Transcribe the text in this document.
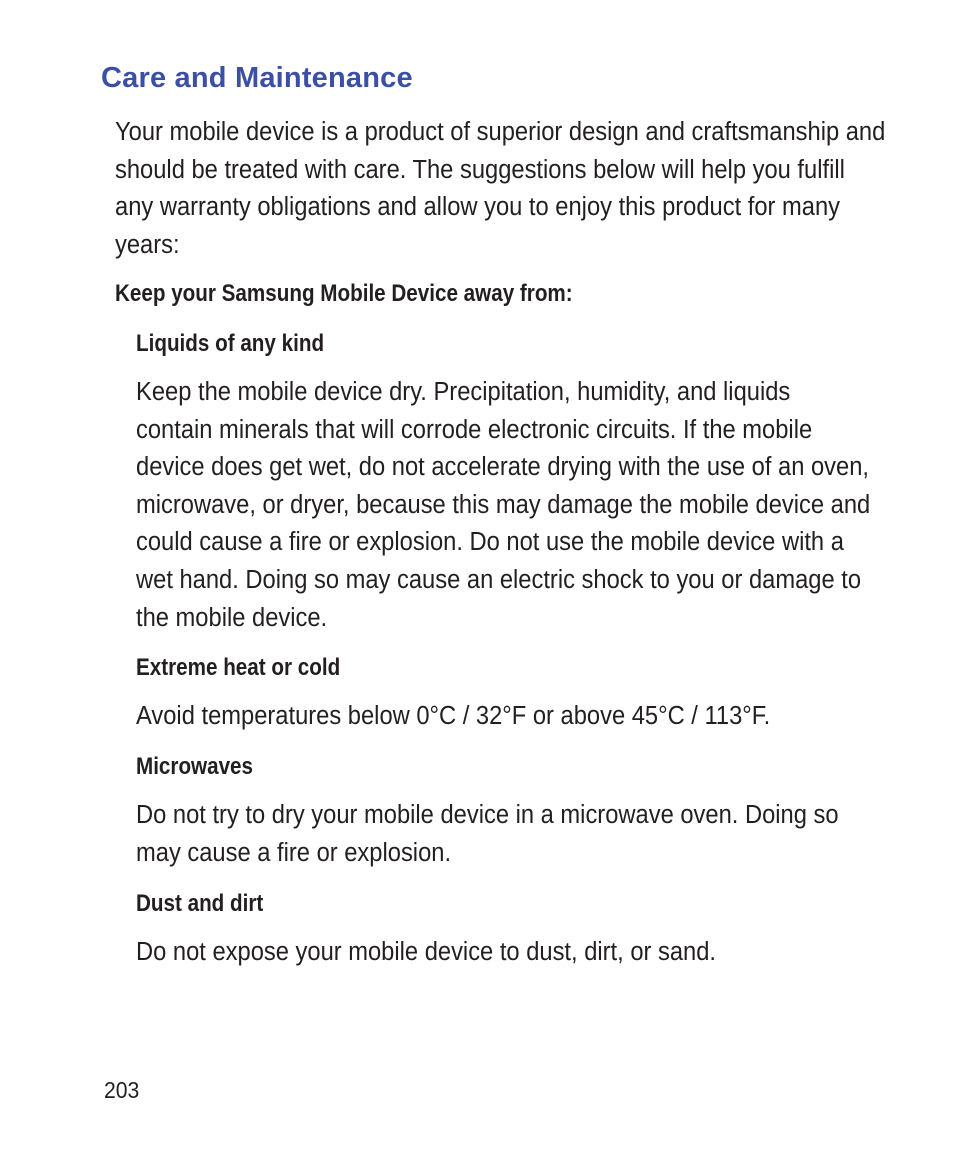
Care and Maintenance

Your mobile device is a product of superior design and craftsmanship and should be treated with care. The suggestions below will help you fulfill any warranty obligations and allow you to enjoy this product for many years:

Keep your Samsung Mobile Device away from:
Liquids of any kind

Keep the mobile device dry. Precipitation, humidity, and liquids contain minerals that will corrode electronic circuits. If the mobile device does get wet, do not accelerate drying with the use of an oven, microwave, or dryer, because this may damage the mobile device and could cause a fire or explosion. Do not use the mobile device with a wet hand. Doing so may cause an electric shock to you or damage to the mobile device.

Extreme heat or cold

Avoid temperatures below 0°C / 32°F or above 45°C / 113°F.

Microwaves

Do not try to dry your mobile device in a microwave oven. Doing so may cause a fire or explosion.

Dust and dirt

Do not expose your mobile device to dust, dirt, or sand.

203
